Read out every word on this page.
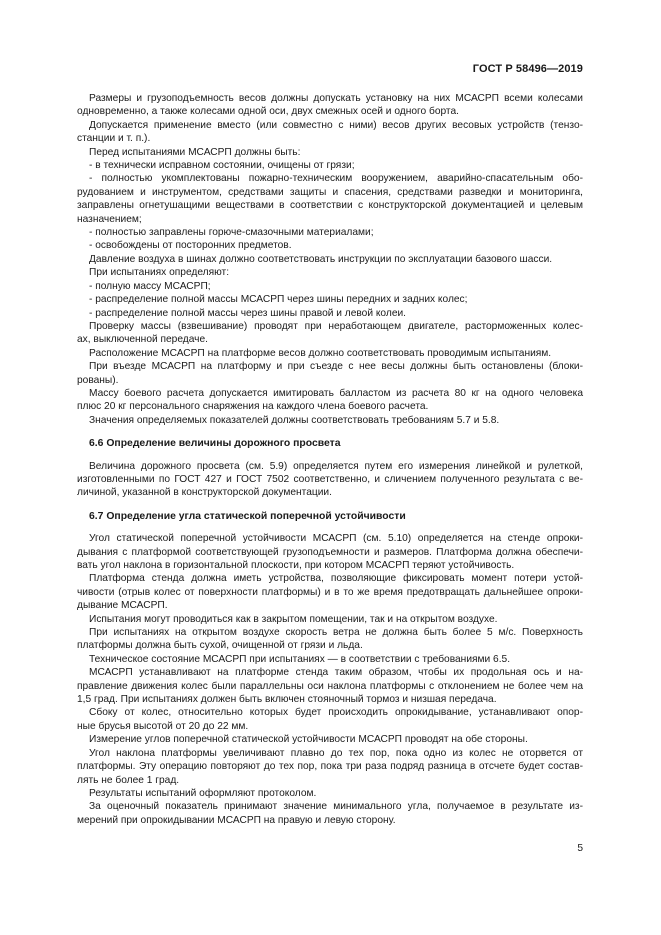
ГОСТ Р 58496—2019

Размеры и грузоподъемность весов должны допускать установку на них МСАСРП всеми колесами
одновременно, а также колесами одной оси, двух смежных осей и одного борта.

Допускается применение вместо (или совместно с ними) весов других весовых устройств (тензо-
станции и т. п.).

Перед испытаниями МСАСРП должны быть:

- в технически исправном состоянии, очищены от грязи;

- полностью укомплектованы пожарно-техническим вооружением, аварийно-спасательным обо-
рудованием и инструментом, средствами защиты и спасения, средствами разведки и мониторинга,
заправлены огнетушащими веществами в соответствии с конструкторской документацией и целевым
назначением;

- полностью заправлены горюче-смазочными материалами;

- освобождены от посторонних предметов.

Давление воздуха в шинах должно соответствовать инструкции по эксплуатации базового шасси.

При испытаниях определяют:

- полную массу МСАСРП;

- распределение полной массы МСАСРП через шины передних и задних колес;

- распределение полной массы через шины правой и левой колеи.

Проверку массы (взвешивание) проводят при неработающем двигателе, расторможенных колес-
ах, выключенной передаче.

Расположение МСАСРП на платформе весов должно соответствовать проводимым испытаниям.

При въезде МСАСРП на платформу и при съезде с нее весы должны быть остановлены (блоки-
рованы).

Массу боевого расчета допускается имитировать балластом из расчета 80 кг на одного человека
плюс 20 кг персонального снаряжения на каждого члена боевого расчета.

Значения определяемых показателей должны соответствовать требованиям 5.7 и 5.8.

6.6 Определение величины дорожного просвета

Величина дорожного просвета (см. 5.9) определяется путем его измерения линейкой и рулеткой,
изготовленными по ГОСТ 427 и ГОСТ 7502 соответственно, и сличением полученного результата с ве-
личиной, указанной в конструкторской документации.

6.7 Определение угла статической поперечной устойчивости

Угол статической поперечной устойчивости МСАСРП (см. 5.10) определяется на стенде опроки-
дывания с платформой соответствующей грузоподъемности и размеров. Платформа должна обеспечи-
вать угол наклона в горизонтальной плоскости, при котором МСАСРП теряют устойчивость.

Платформа стенда должна иметь устройства, позволяющие фиксировать момент потери устой-
чивости (отрыв колес от поверхности платформы) и в то же время предотвращать дальнейшее опроки-
дывание МСАСРП.

Испытания могут проводиться как в закрытом помещении, так и на открытом воздухе.

При испытаниях на открытом воздухе скорость ветра не должна быть более 5 м/с. Поверхность
платформы должна быть сухой, очищенной от грязи и льда.

Техническое состояние МСАСРП при испытаниях — в соответствии с требованиями 6.5.

МСАСРП устанавливают на платформе стенда таким образом, чтобы их продольная ось и на-
правление движения колес были параллельны оси наклона платформы с отклонением не более чем на
1,5 град. При испытаниях должен быть включен стояночный тормоз и низшая передача.

Сбоку от колес, относительно которых будет происходить опрокидывание, устанавливают опор-
ные брусья высотой от 20 до 22 мм.

Измерение углов поперечной статической устойчивости МСАСРП проводят на обе стороны.

Угол наклона платформы увеличивают плавно до тех пор, пока одно из колес не оторвется от
платформы. Эту операцию повторяют до тех пор, пока три раза подряд разница в отсчете будет состав-
лять не более 1 град.

Результаты испытаний оформляют протоколом.

За оценочный показатель принимают значение минимального угла, получаемое в результате из-
мерений при опрокидывании МСАСРП на правую и левую сторону.

5
